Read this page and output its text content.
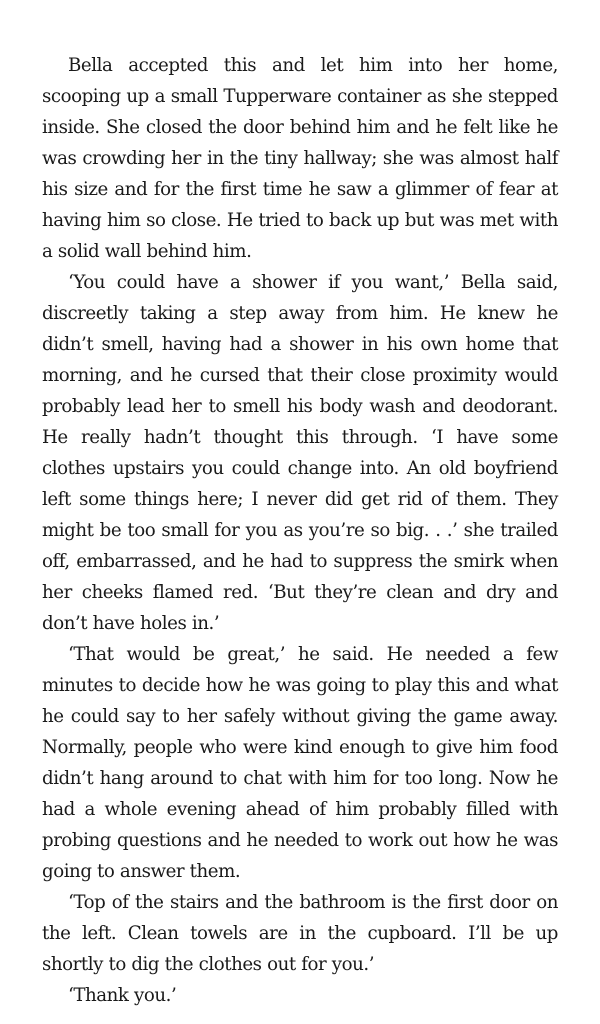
Bella accepted this and let him into her home, scooping up a small Tupperware container as she stepped inside. She closed the door behind him and he felt like he was crowding her in the tiny hallway; she was almost half his size and for the first time he saw a glimmer of fear at having him so close. He tried to back up but was met with a solid wall behind him.

‘You could have a shower if you want,’ Bella said, discreetly taking a step away from him. He knew he didn’t smell, having had a shower in his own home that morning, and he cursed that their close proximity would probably lead her to smell his body wash and deodorant. He really hadn’t thought this through. ‘I have some clothes upstairs you could change into. An old boyfriend left some things here; I never did get rid of them. They might be too small for you as you’re so big. . .’ she trailed off, embarrassed, and he had to suppress the smirk when her cheeks flamed red. ‘But they’re clean and dry and don’t have holes in.’

‘That would be great,’ he said. He needed a few minutes to decide how he was going to play this and what he could say to her safely without giving the game away. Normally, people who were kind enough to give him food didn’t hang around to chat with him for too long. Now he had a whole evening ahead of him probably filled with probing questions and he needed to work out how he was going to answer them.

‘Top of the stairs and the bathroom is the first door on the left. Clean towels are in the cupboard. I’ll be up shortly to dig the clothes out for you.’

‘Thank you.’
